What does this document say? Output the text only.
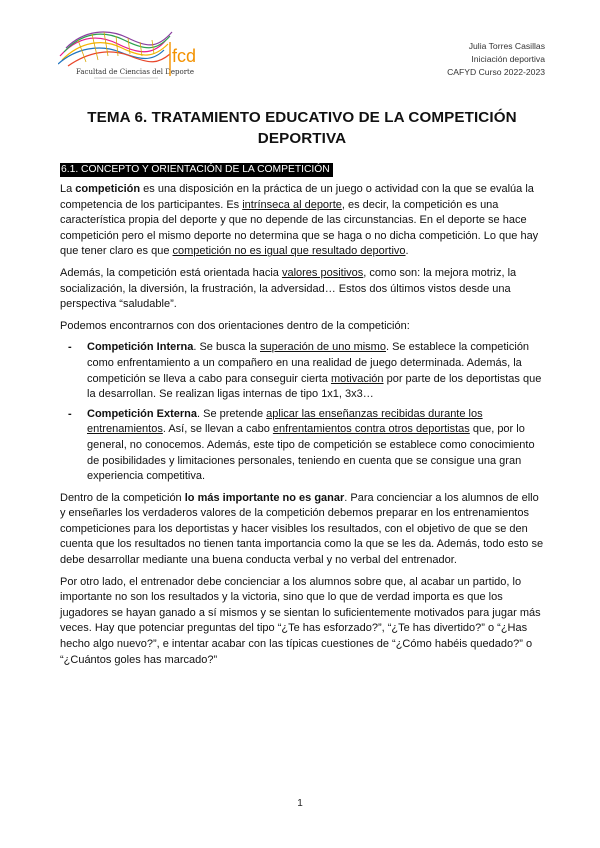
Facultad de Ciencias del Deporte
fcd	Julia Torres Casillas
Iniciación deportiva
CAFYD Curso 2022-2023
TEMA 6. TRATAMIENTO EDUCATIVO DE LA COMPETICIÓN
DEPORTIVA
6.1. CONCEPTO Y ORIENTACIÓN DE LA COMPETICIÓN

La competición es una disposición en la práctica de un juego o actividad con la que se evalúa la competencia de los participantes. Es intrínseca al deporte, es decir, la competición es una característica propia del deporte y que no depende de las circunstancias. En el deporte se hace competición pero el mismo deporte no determina que se haga o no dicha competición. Lo que hay que tener claro es que competición no es igual que resultado deportivo.

Además, la competición está orientada hacia valores positivos, como son: la mejora motriz, la socialización, la diversión, la frustración, la adversidad… Estos dos últimos vistos desde una perspectiva “saludable”.

Podemos encontrarnos con dos orientaciones dentro de la competición:

- Competición Interna. Se busca la superación de uno mismo. Se establece la competición como enfrentamiento a un compañero en una realidad de juego determinada. Además, la competición se lleva a cabo para conseguir cierta motivación por parte de los deportistas que la desarrollan. Se realizan ligas internas de tipo 1x1, 3x3…
- Competición Externa. Se pretende aplicar las enseñanzas recibidas durante los entrenamientos. Así, se llevan a cabo enfrentamientos contra otros deportistas que, por lo general, no conocemos. Además, este tipo de competición se establece como conocimiento de posibilidades y limitaciones personales, teniendo en cuenta que se consigue una gran experiencia competitiva.

Dentro de la competición lo más importante no es ganar. Para concienciar a los alumnos de ello y enseñarles los verdaderos valores de la competición debemos preparar en los entrenamientos competiciones para los deportistas y hacer visibles los resultados, con el objetivo de que se den cuenta que los resultados no tienen tanta importancia como la que se les da. Además, todo esto se debe desarrollar mediante una buena conducta verbal y no verbal del entrenador.

Por otro lado, el entrenador debe concienciar a los alumnos sobre que, al acabar un partido, lo importante no son los resultados y la victoria, sino que lo que de verdad importa es que los jugadores se hayan ganado a sí mismos y se sientan lo suficientemente motivados para jugar más veces. Hay que potenciar preguntas del tipo “¿Te has esforzado?”, “¿Te has divertido?” o “¿Has hecho algo nuevo?”, e intentar acabar con las típicas cuestiones de “¿Cómo habéis quedado?” o “¿Cuántos goles has marcado?”

1
